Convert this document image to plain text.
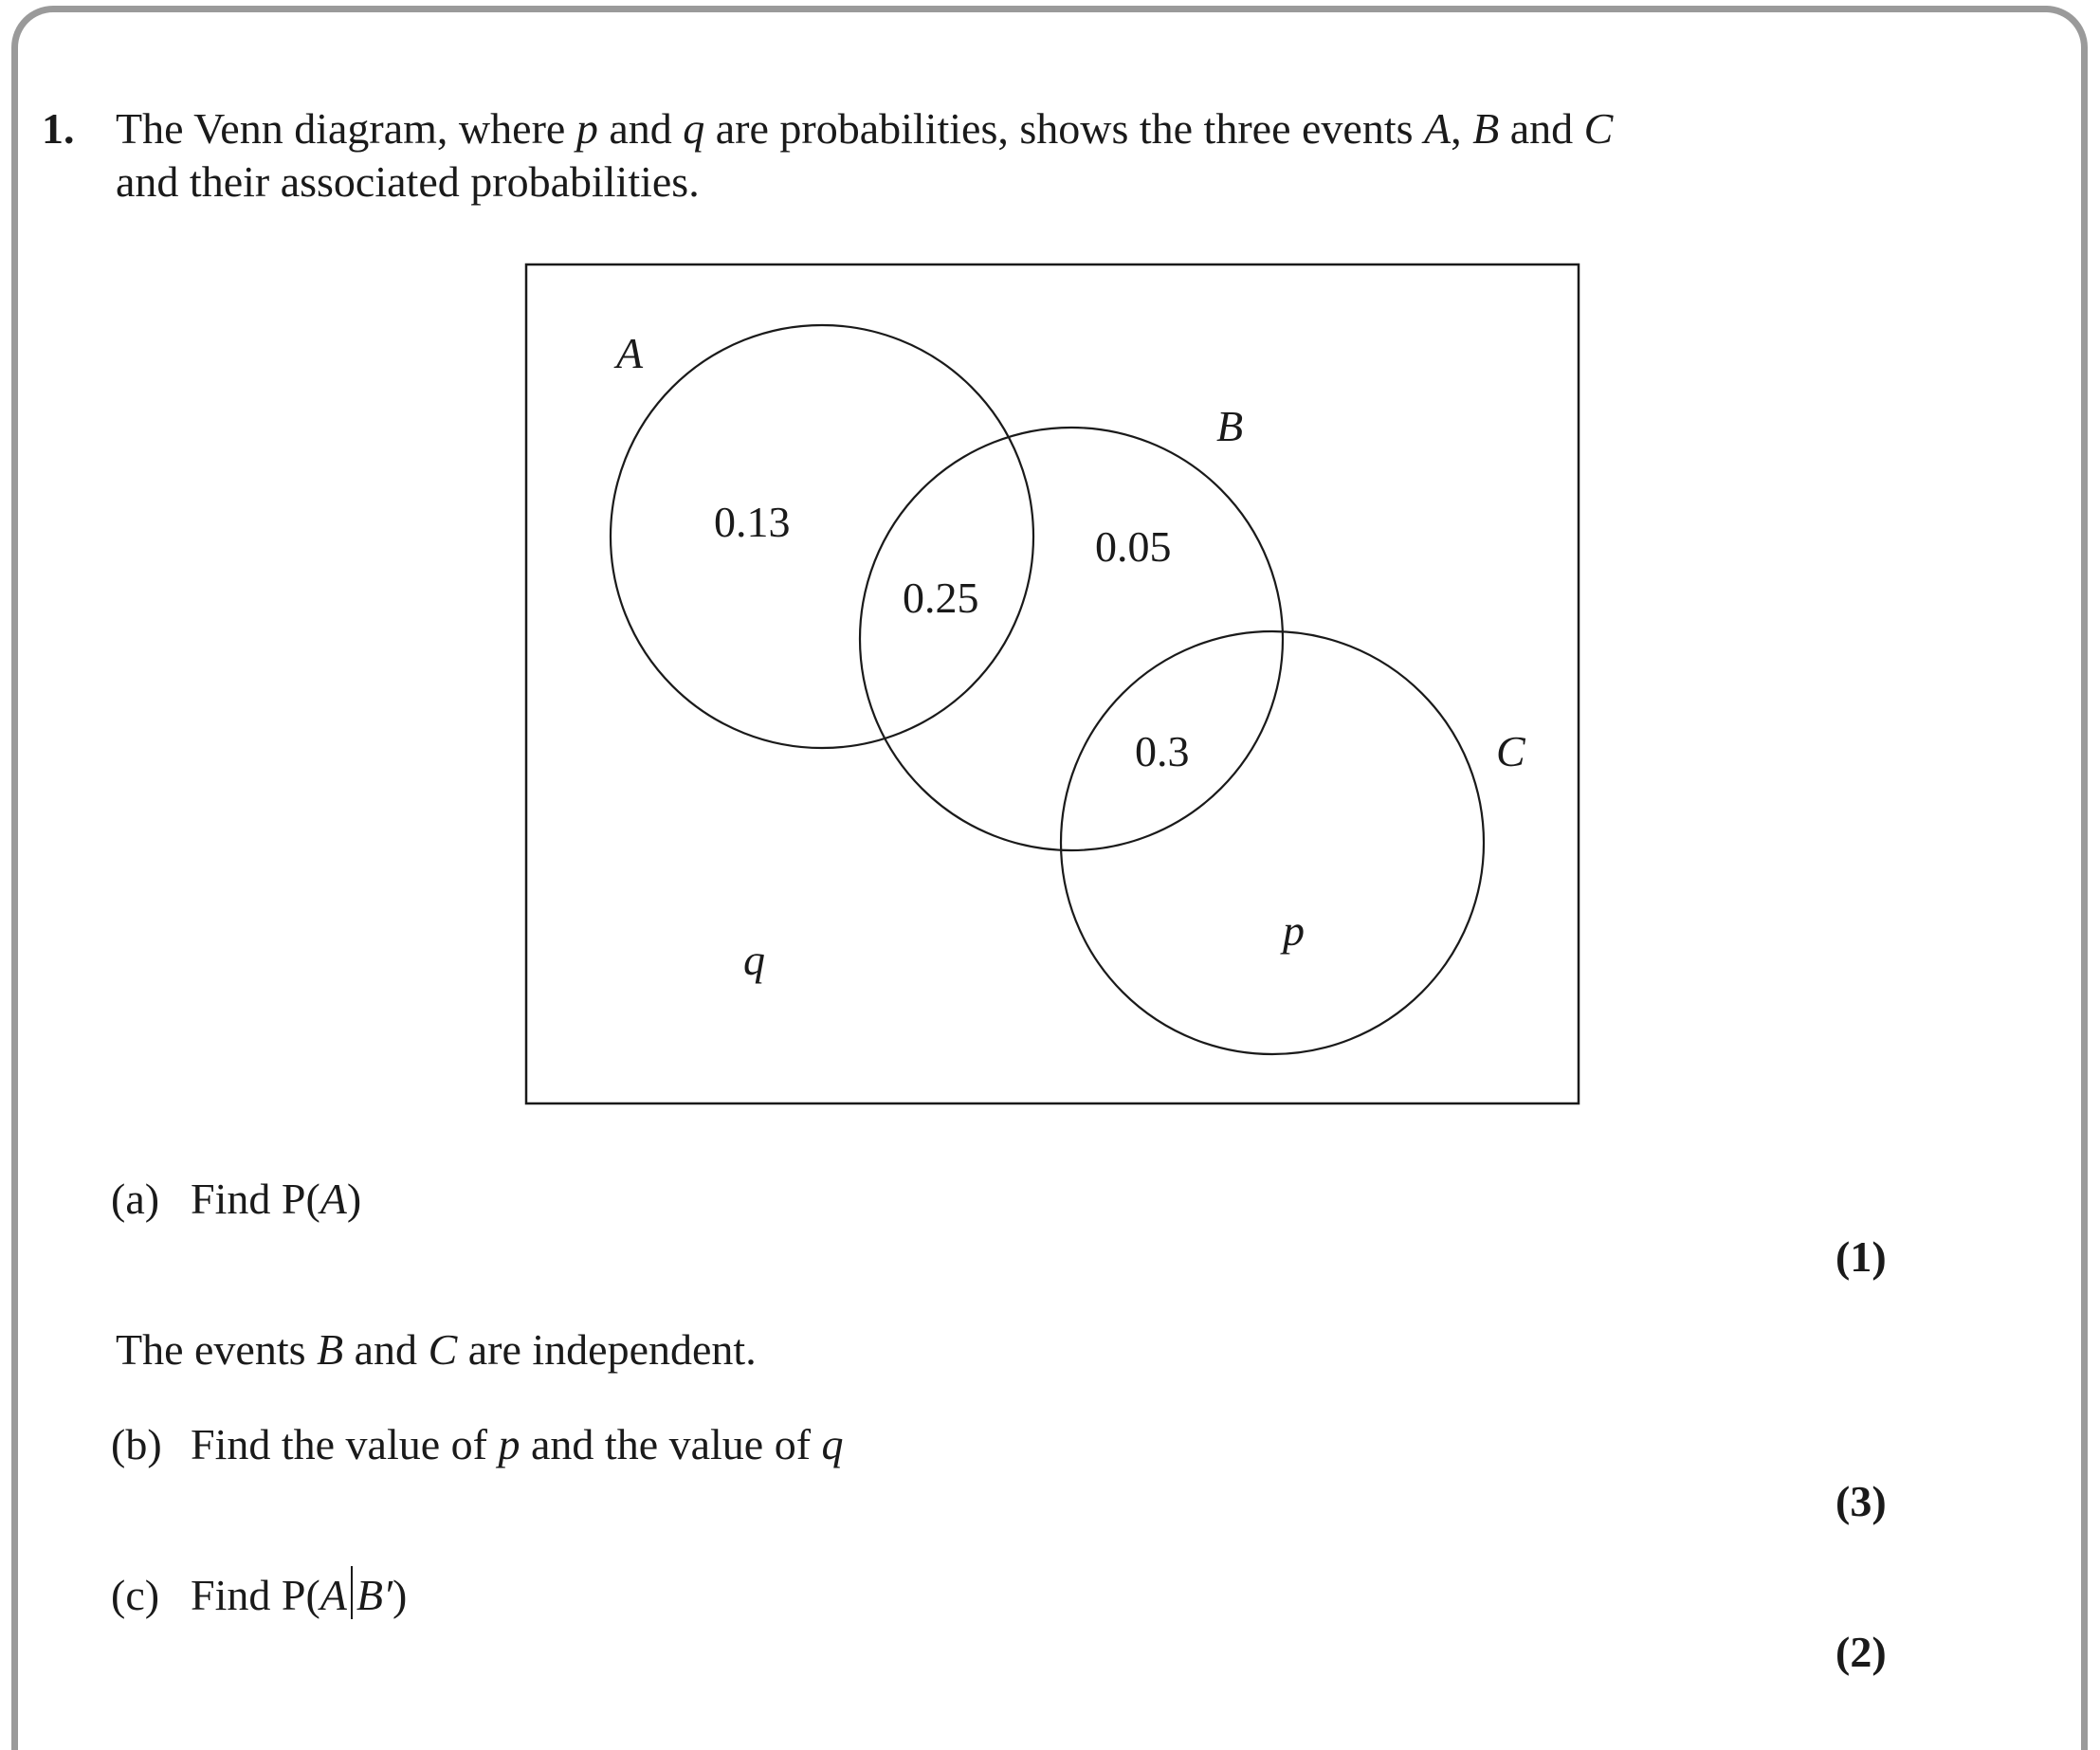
1. The Venn diagram, where p and q are probabilities, shows the three events A, B and C
and their associated probabilities.
A
B
C
0.13
0.25
0.05
0.3
p
q
(a) Find P(A)
(1)
The events B and C are independent.
(b) Find the value of p and the value of q
(3)
(c) Find P(A B′)
(2)
